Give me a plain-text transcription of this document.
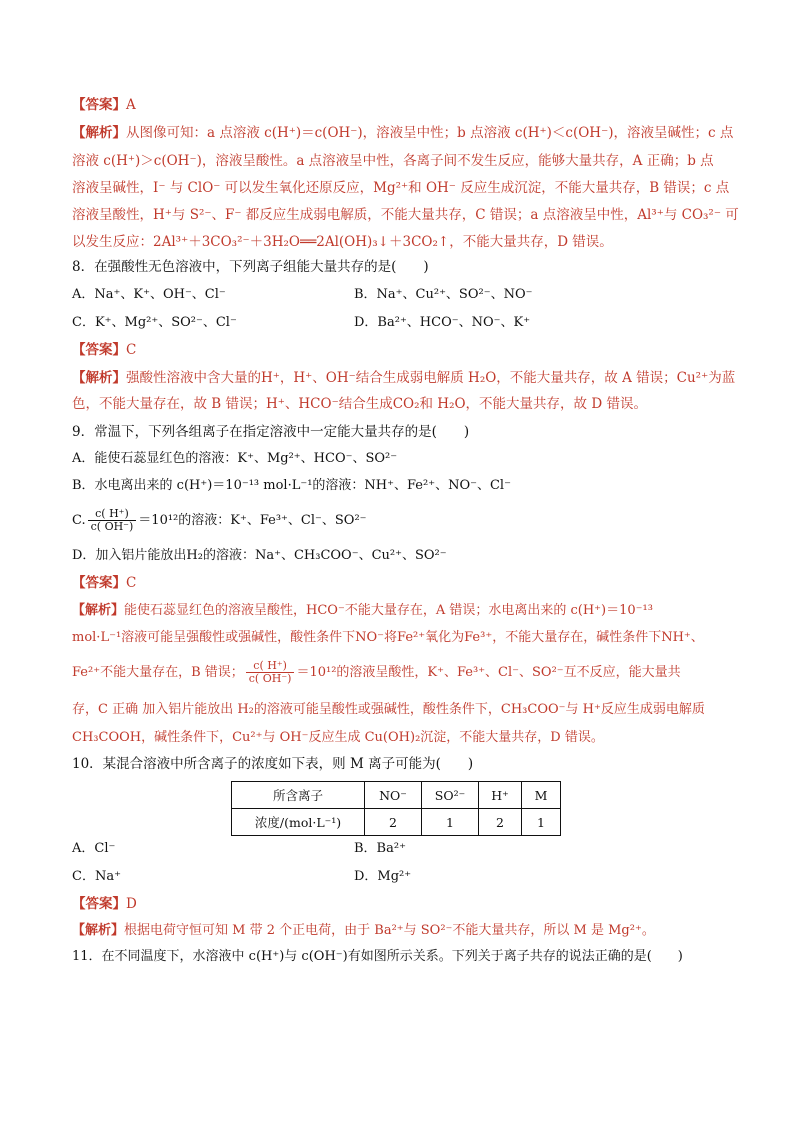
【答案】A
【解析】从图像可知：a 点溶液 c(H⁺)＝c(OH⁻)，溶液呈中性；b 点溶液 c(H⁺)＜c(OH⁻)，溶液呈碱性；c 点
溶液 c(H⁺)＞c(OH⁻)，溶液呈酸性。a 点溶液呈中性，各离子间不发生反应，能够大量共存，A 正确；b 点
溶液呈碱性，I⁻ 与 ClO⁻ 可以发生氧化还原反应，Mg²⁺和 OH⁻ 反应生成沉淀，不能大量共存，B 错误；c 点
溶液呈酸性，H⁺与 S²⁻、F⁻ 都反应生成弱电解质，不能大量共存，C 错误；a 点溶液呈中性，Al³⁺与 CO₃²⁻ 可
以发生反应：2Al³⁺＋3CO₃²⁻＋3H₂O══2Al(OH)₃↓＋3CO₂↑，不能大量共存，D 错误。
8．在强酸性无色溶液中，下列离子组能大量共存的是(　　)
A．Na⁺、K⁺、OH⁻、Cl⁻	B．Na⁺、Cu²⁺、SO²⁻、NO⁻
C．K⁺、Mg²⁺、SO²⁻、Cl⁻	D．Ba²⁺、HCO⁻、NO⁻、K⁺
【答案】C
【解析】强酸性溶液中含大量的H⁺，H⁺、OH⁻结合生成弱电解质 H₂O，不能大量共存，故 A 错误；Cu²⁺为蓝
色，不能大量存在，故 B 错误；H⁺、HCO⁻结合生成CO₂和 H₂O，不能大量共存，故 D 错误。
9．常温下，下列各组离子在指定溶液中一定能大量共存的是(　　)
A．能使石蕊显红色的溶液：K⁺、Mg²⁺、HCO⁻、SO²⁻
B．水电离出来的 c(H⁺)＝10⁻¹³ mol·L⁻¹的溶液：NH⁺、Fe²⁺、NO⁻、Cl⁻
C. $\frac{c( H^+)}{c( OH^-)} =10^{12}$的溶液：K⁺、Fe³⁺、Cl⁻、SO²⁻
D．加入铝片能放出H₂的溶液：Na⁺、CH₃COO⁻、Cu²⁺、SO²⁻
【答案】C
【解析】能使石蕊显红色的溶液呈酸性，HCO⁻不能大量存在，A 错误；水电离出来的 c(H⁺)＝10⁻¹³
mol·L⁻¹溶液可能呈强酸性或强碱性，酸性条件下NO⁻将Fe²⁺氧化为Fe³⁺，不能大量存在，碱性条件下NH⁺、
Fe²⁺不能大量存在，B 错误； $\frac{c( H^+)}{c( OH^-)} =10^{12}$的溶液呈酸性，K⁺、Fe³⁺、Cl⁻、SO²⁻互不反应，能大量共
存，C 正确 加入铝片能放出 H₂的溶液可能呈酸性或强碱性，酸性条件下，CH₃COO⁻与 H⁺反应生成弱电解质
CH₃COOH，碱性条件下，Cu²⁺与 OH⁻反应生成 Cu(OH)₂沉淀，不能大量共存，D 错误。
10．某混合溶液中所含离子的浓度如下表，则 M 离子可能为(　　)
所含离子	NO⁻	SO²⁻	H⁺	M
浓度/(mol·L⁻¹)	2	1	2	1
A．Cl⁻	B．Ba²⁺
C．Na⁺	D．Mg²⁺
【答案】D
【解析】根据电荷守恒可知 M 带 2 个正电荷，由于 Ba²⁺与 SO²⁻不能大量共存，所以 M 是 Mg²⁺。
11．在不同温度下，水溶液中 c(H⁺)与 c(OH⁻)有如图所示关系。下列关于离子共存的说法正确的是(　　)
